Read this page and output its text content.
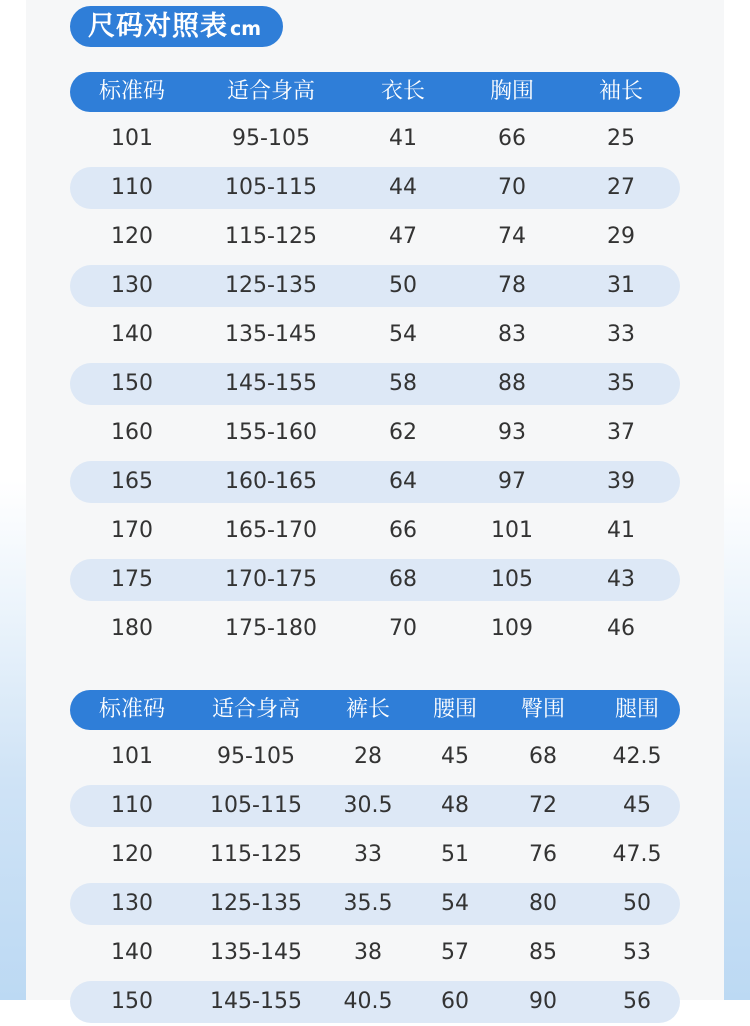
尺码对照表 cm
标准码	适合身高	衣长	胸围	袖长
101	95-105	41	66	25
110	105-115	44	70	27
120	115-125	47	74	29
130	125-135	50	78	31
140	135-145	54	83	33
150	145-155	58	88	35
160	155-160	62	93	37
165	160-165	64	97	39
170	165-170	66	101	41
175	170-175	68	105	43
180	175-180	70	109	46
标准码	适合身高	裤长	腰围	臀围	腿围
101	95-105	28	45	68	42.5
110	105-115	30.5	48	72	45
120	115-125	33	51	76	47.5
130	125-135	35.5	54	80	50
140	135-145	38	57	85	53
150	145-155	40.5	60	90	56
